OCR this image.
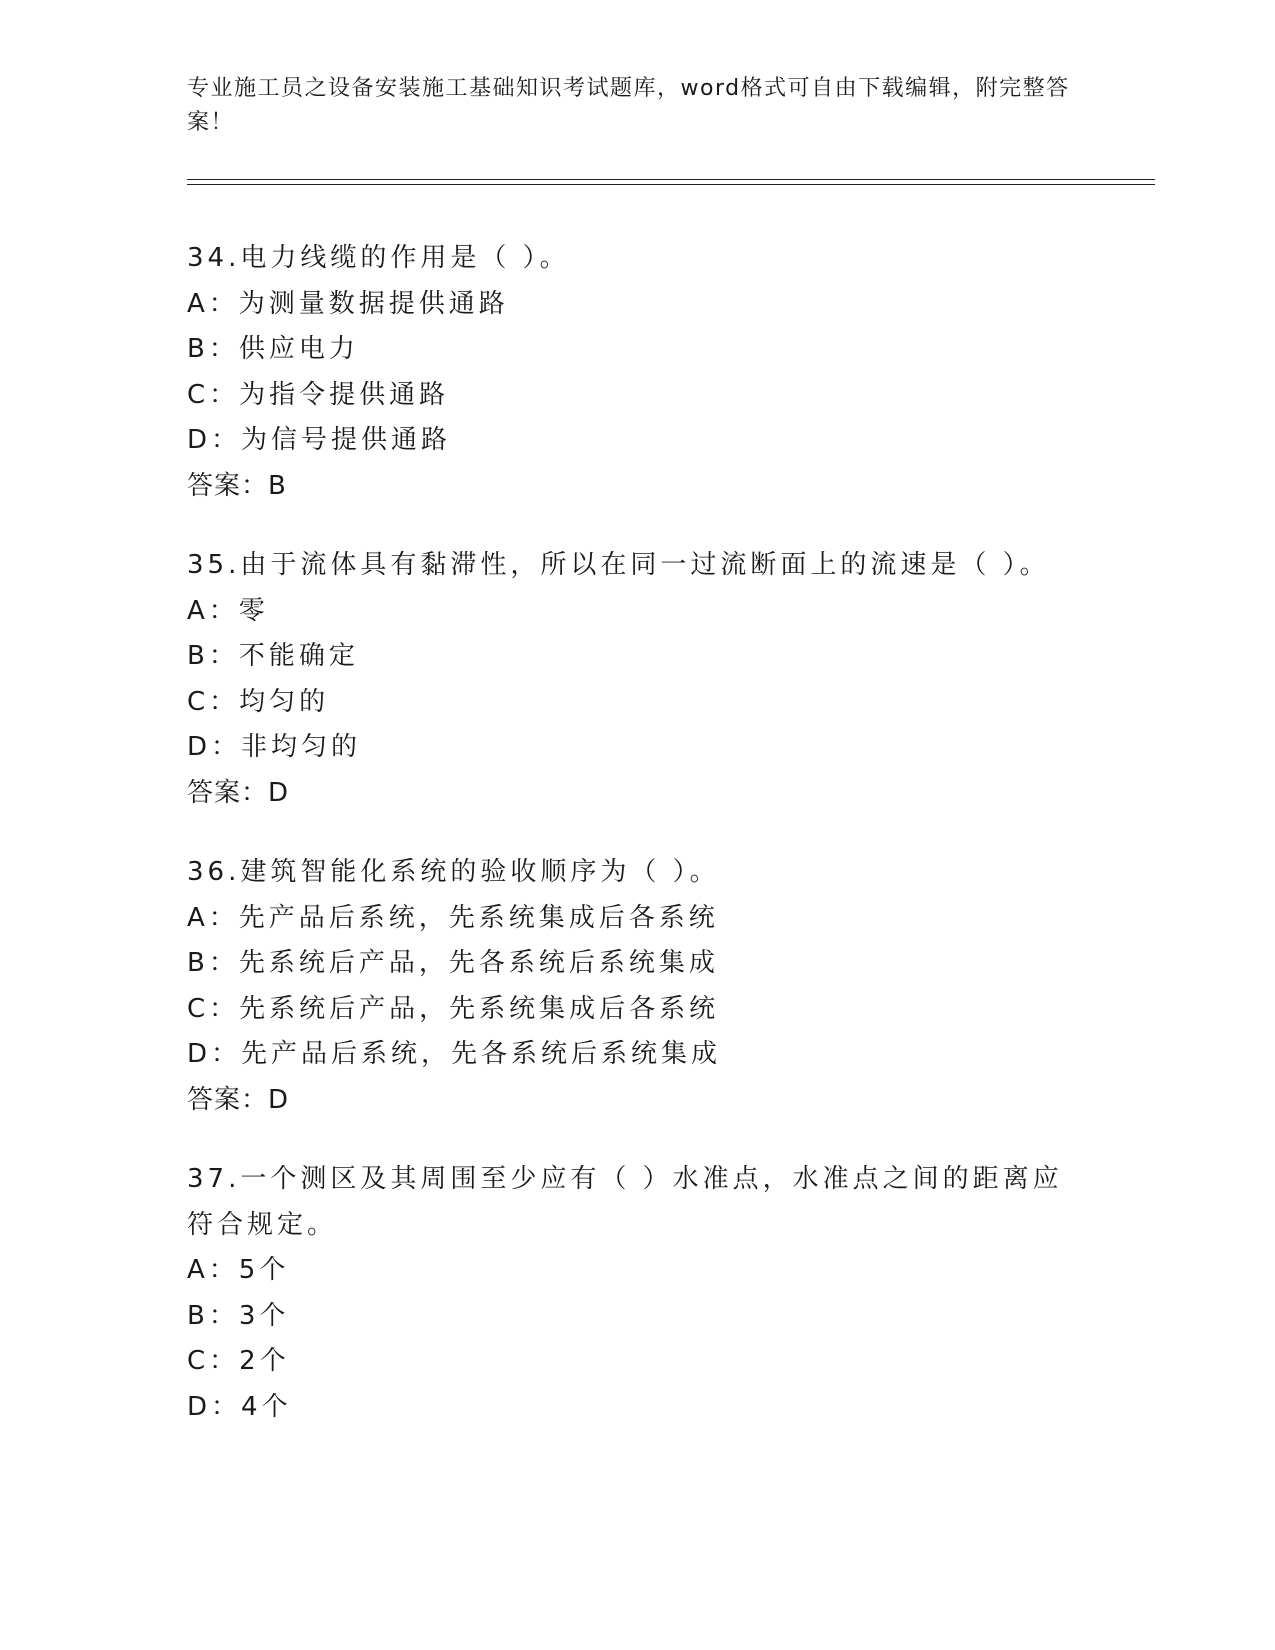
专业施工员之设备安装施工基础知识考试题库，word格式可自由下载编辑，附完整答案！
34.电力线缆的作用是（ ）。
A：为测量数据提供通路
B：供应电力
C：为指令提供通路
D：为信号提供通路
答案：B
35.由于流体具有黏滞性，所以在同一过流断面上的流速是（ ）。
A：零
B：不能确定
C：均匀的
D：非均匀的
答案：D
36.建筑智能化系统的验收顺序为（ ）。
A：先产品后系统，先系统集成后各系统
B：先系统后产品，先各系统后系统集成
C：先系统后产品，先系统集成后各系统
D：先产品后系统，先各系统后系统集成
答案：D
37.一个测区及其周围至少应有（ ）水准点，水准点之间的距离应符合规定。
A：5个
B：3个
C：2个
D：4个
